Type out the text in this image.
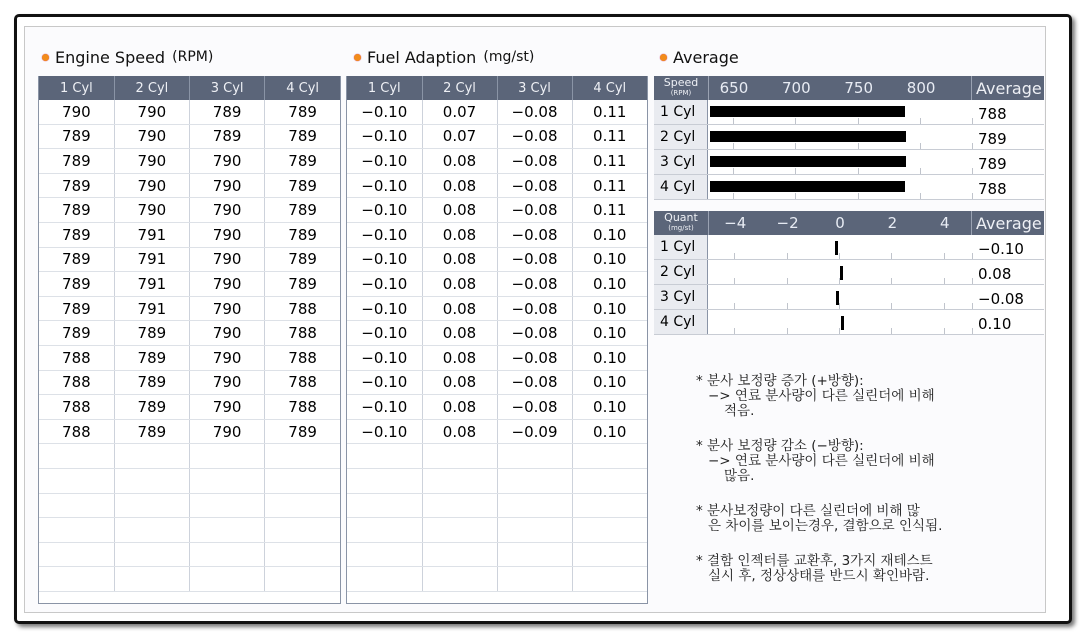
Engine Speed
(RPM)
1 Cyl	2 Cyl	3 Cyl	4 Cyl
790	790	789	789
789	790	789	789
789	790	790	789
789	790	790	789
789	790	790	789
789	791	790	789
789	791	790	789
789	791	790	789
789	791	790	788
789	789	790	788
788	789	790	788
788	789	790	788
788	789	790	788
788	789	790	789

Fuel Adaption
(mg/st)
1 Cyl	2 Cyl	3 Cyl	4 Cyl
−0.10	0.07	−0.08	0.11
−0.10	0.07	−0.08	0.11
−0.10	0.08	−0.08	0.11
−0.10	0.08	−0.08	0.11
−0.10	0.08	−0.08	0.11
−0.10	0.08	−0.08	0.10
−0.10	0.08	−0.08	0.10
−0.10	0.08	−0.08	0.10
−0.10	0.08	−0.08	0.10
−0.10	0.08	−0.08	0.10
−0.10	0.08	−0.08	0.10
−0.10	0.08	−0.08	0.10
−0.10	0.08	−0.08	0.10
−0.10	0.08	−0.09	0.10

Average
Speed
(RPM)	650 700 750 800	Average
1 Cyl	788
2 Cyl	789
3 Cyl	789
4 Cyl	788
Quant
(mg/st)	−4 −2 0	2	4	Average
1 Cyl	−0.10
2 Cyl	0.08
3 Cyl	−0.08
4 Cyl	0.10
* 분사 보정량 증가 (+방향):
−> 연료 분사량이 다른 실린더에 비해
적음.
* 분사 보정량 감소 (−방향):
−> 연료 분사량이 다른 실린더에 비해
많음.
* 분사보정량이 다른 실린더에 비해 많
은 차이를 보이는경우, 결함으로 인식됨.
* 결함 인젝터를 교환후, 3가지 재테스트
실시 후, 정상상태를 반드시 확인바람.
